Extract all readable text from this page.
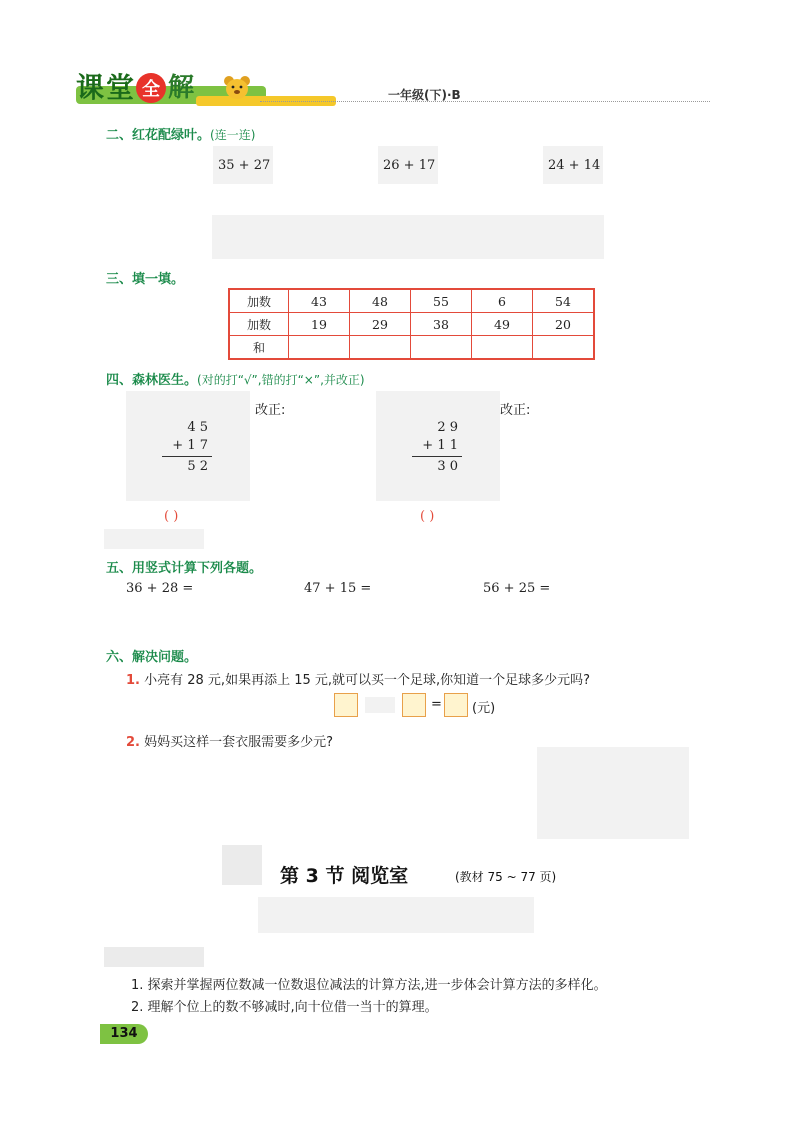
课 堂 全 解	一年级(下)·B
二、红花配绿叶。(连一连)
35 + 27	26 + 17	24 + 14
三、填一填。
加数	43	48	55	6	54
加数	19	29	38	49	20
和					
四、森林医生。(对的打“√”,错的打“×”,并改正)
改正:
4 5
+ 1 7
5 2
( )
改正:
2 9
+ 1 1
3 0
( )
五、用竖式计算下列各题。
36 + 28 =	47 + 15 =	56 + 25 =
六、解决问题。
1. 小亮有 28 元,如果再添上 15 元,就可以买一个足球,你知道一个足球多少元吗?
= (元)
2. 妈妈买这样一套衣服需要多少元?
第 3 节 阅览室	(教材 75 ~ 77 页)
1. 探索并掌握两位数减一位数退位减法的计算方法,进一步体会计算方法的多样化。
2. 理解个位上的数不够减时,向十位借一当十的算理。
134
